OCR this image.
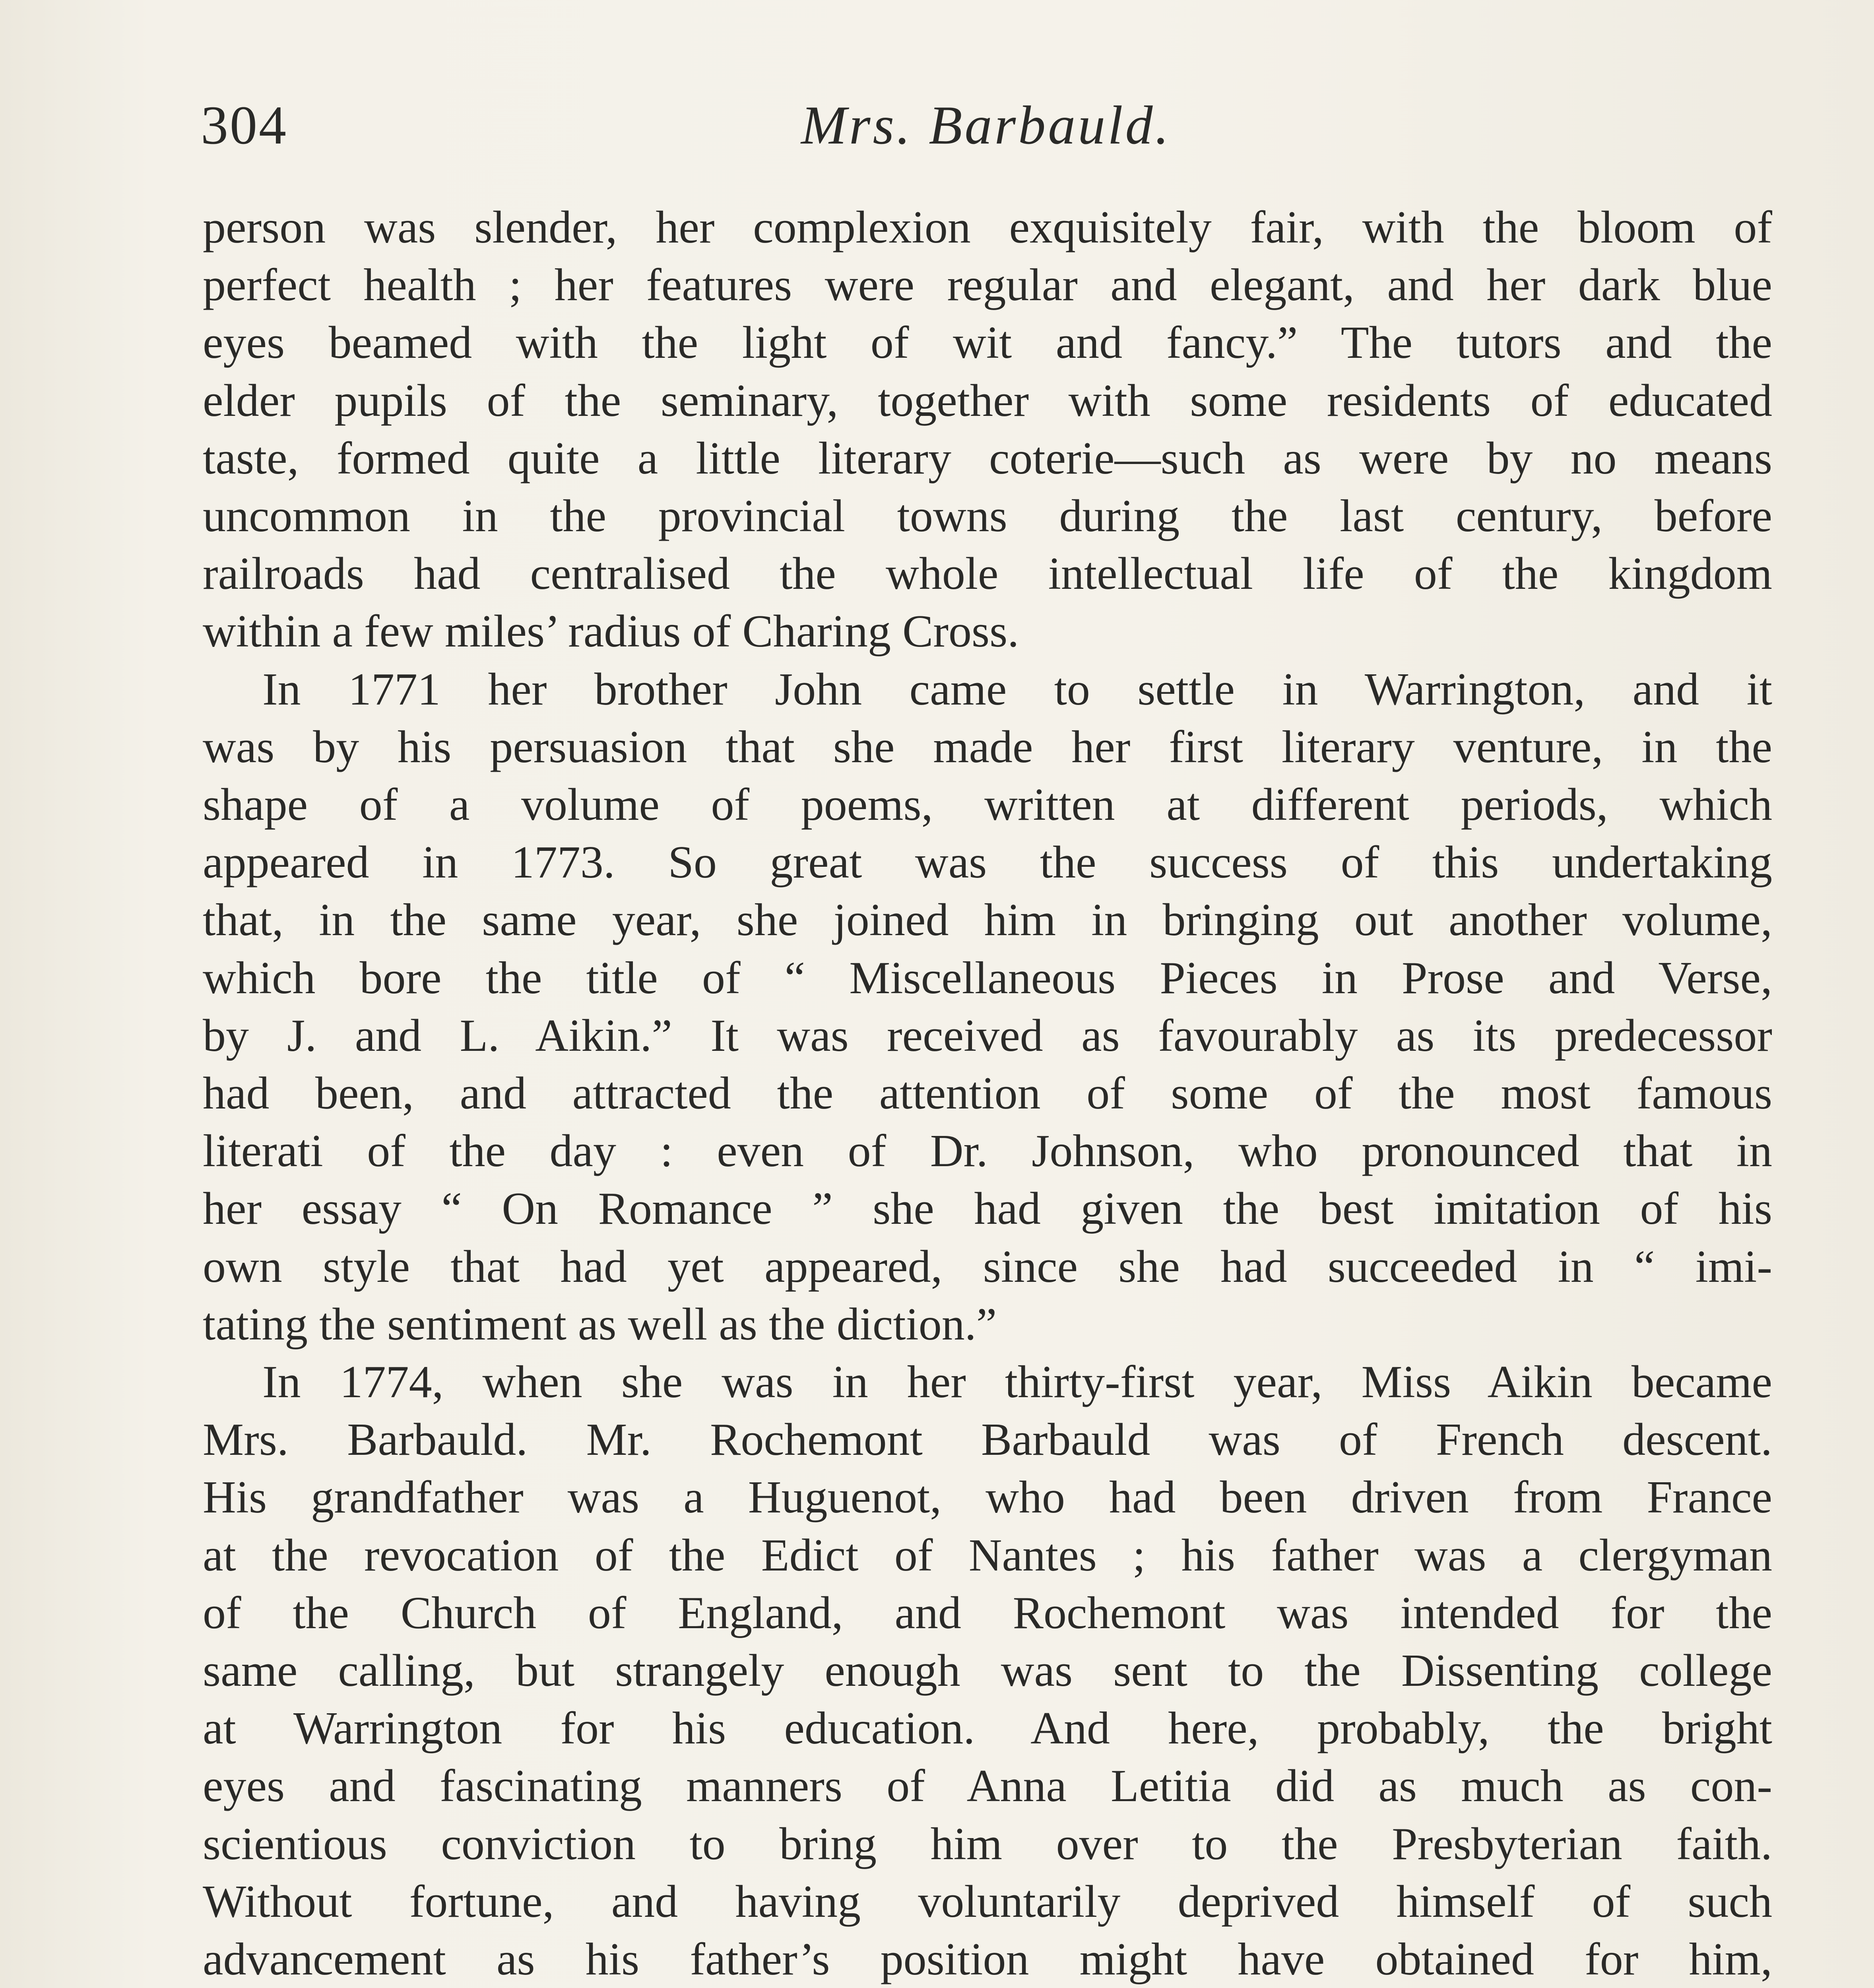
304	Mrs. Barbauld.

person was slender, her complexion exquisitely fair, with the bloom of

perfect health ; her features were regular and elegant, and her dark blue

eyes beamed with the light of wit and fancy.” The tutors and the

elder pupils of the seminary, together with some residents of educated

taste, formed quite a little literary coterie—such as were by no means

uncommon in the provincial towns during the last century, before

railroads had centralised the whole intellectual life of the kingdom

within a few miles’ radius of Charing Cross.

In 1771 her brother John came to settle in Warrington, and it

was by his persuasion that she made her first literary venture, in the

shape of a volume of poems, written at different periods, which

appeared in 1773. So great was the success of this undertaking

that, in the same year, she joined him in bringing out another volume,

which bore the title of “ Miscellaneous Pieces in Prose and Verse,

by J. and L. Aikin.” It was received as favourably as its predecessor

had been, and attracted the attention of some of the most famous

literati of the day : even of Dr. Johnson, who pronounced that in

her essay “ On Romance ” she had given the best imitation of his

own style that had yet appeared, since she had succeeded in “ imi-

tating the sentiment as well as the diction.”

In 1774, when she was in her thirty-first year, Miss Aikin became

Mrs. Barbauld. Mr. Rochemont Barbauld was of French descent.

His grandfather was a Huguenot, who had been driven from France

at the revocation of the Edict of Nantes ; his father was a clergyman

of the Church of England, and Rochemont was intended for the

same calling, but strangely enough was sent to the Dissenting college

at Warrington for his education. And here, probably, the bright

eyes and fascinating manners of Anna Letitia did as much as con-

scientious conviction to bring him over to the Presbyterian faith.

Without fortune, and having voluntarily deprived himself of such

advancement as his father’s position might have obtained for him,
